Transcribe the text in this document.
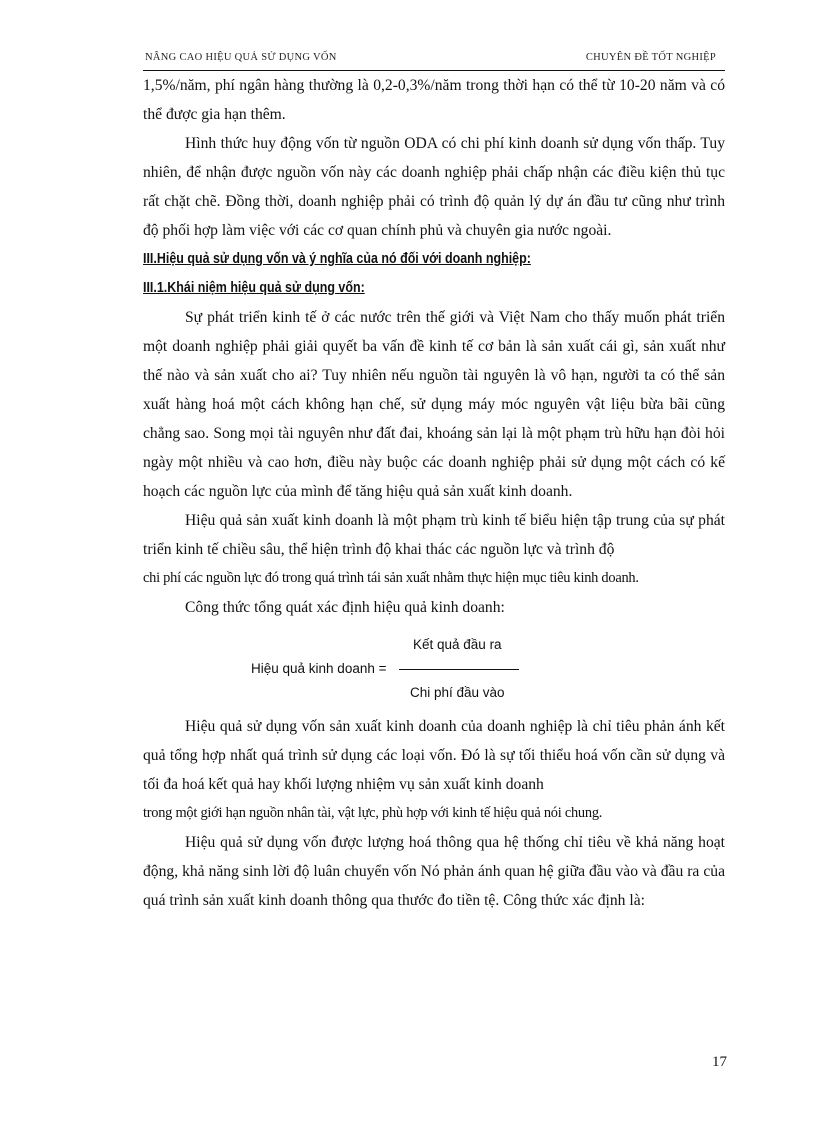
NÂNG CAO HIỆU QUẢ SỬ DỤNG VỐN	CHUYÊN ĐỀ TỐT NGHIỆP

1,5%/năm, phí ngân hàng thường là 0,2-0,3%/năm trong thời hạn có thể từ 10-20 năm và có thể được gia hạn thêm.

Hình thức huy động vốn từ nguồn ODA có chi phí kinh doanh sử dụng vốn thấp. Tuy nhiên, để nhận được nguồn vốn này các doanh nghiệp phải chấp nhận các điều kiện thủ tục rất chặt chẽ. Đồng thời, doanh nghiệp phải có trình độ quản lý dự án đầu tư cũng như trình độ phối hợp làm việc với các cơ quan chính phủ và chuyên gia nước ngoài.

III.Hiệu quả sử dụng vốn và ý nghĩa của nó đối với doanh nghiệp:

III.1.Khái niệm hiệu quả sử dụng vốn:

Sự phát triển kinh tế ở các nước trên thế giới và Việt Nam cho thấy muốn phát triển một doanh nghiệp phải giải quyết ba vấn đề kinh tế cơ bản là sản xuất cái gì, sản xuất như thế nào và sản xuất cho ai? Tuy nhiên nếu nguồn tài nguyên là vô hạn, người ta có thể sản xuất hàng hoá một cách không hạn chế, sử dụng máy móc nguyên vật liệu bừa bãi cũng chẳng sao. Song mọi tài nguyên như đất đai, khoáng sản lại là một phạm trù hữu hạn đòi hỏi ngày một nhiều và cao hơn, điều này buộc các doanh nghiệp phải sử dụng một cách có kế hoạch các nguồn lực của mình để tăng hiệu quả sản xuất kinh doanh.

Hiệu quả sản xuất kinh doanh là một phạm trù kinh tế biểu hiện tập trung của sự phát triển kinh tế chiều sâu, thể hiện trình độ khai thác các nguồn lực và trình độ

chi phí các nguồn lực đó trong quá trình tái sản xuất nhằm thực hiện mục tiêu kinh doanh.

Công thức tổng quát xác định hiệu quả kinh doanh:

Kết quả đầu ra
Hiệu quả kinh doanh =
Chi phí đầu vào

Hiệu quả sử dụng vốn sản xuất kinh doanh của doanh nghiệp là chỉ tiêu phản ánh kết quả tổng hợp nhất quá trình sử dụng các loại vốn. Đó là sự tối thiểu hoá vốn cần sử dụng và tối đa hoá kết quả hay khối lượng nhiệm vụ sản xuất kinh doanh

trong một giới hạn nguồn nhân tài, vật lực, phù hợp với kinh tế hiệu quả nói chung.

Hiệu quả sử dụng vốn được lượng hoá thông qua hệ thống chỉ tiêu về khả năng hoạt động, khả năng sinh lời độ luân chuyển vốn Nó phản ánh quan hệ giữa đầu vào và đầu ra của quá trình sản xuất kinh doanh thông qua thước đo tiền tệ. Công thức xác định là:

17
